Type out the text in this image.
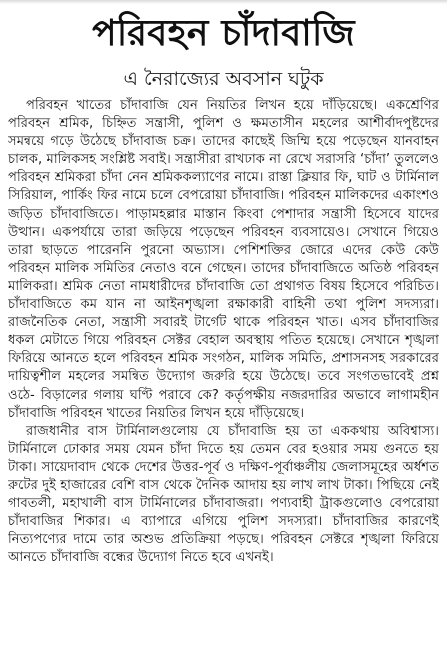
পরিবহন চাঁদাবাজি
এ নৈরাজ্যের অবসান ঘটুক

পরিবহন খাতের চাঁদাবাজি যেন নিয়তির লিখন হয়ে দাঁড়িয়েছে। একশ্রেণির পরিবহন শ্রমিক, চিহ্নিত সন্ত্রাসী, পুলিশ ও ক্ষমতাসীন মহলের আশীর্বাদপুষ্টদের সমন্বয়ে গড়ে উঠেছে চাঁদাবাজ চক্র। তাদের কাছেই জিম্মি হয়ে পড়েছেন যানবাহন চালক, মালিকসহ সংশ্লিষ্ট সবাই। সন্ত্রাসীরা রাখঢাক না রেখে সরাসরি ‘চাঁদা’ তুললেও পরিবহন শ্রমিকরা চাঁদা নেন শ্রমিককল্যাণের নামে। রাস্তা ক্লিয়ার ফি, ঘাট ও টার্মিনাল সিরিয়াল, পার্কিং ফির নামে চলে বেপরোয়া চাঁদাবাজি। পরিবহন মালিকদের একাংশও জড়িত চাঁদাবাজিতে। পাড়ামহল্লার মাস্তান কিংবা পেশাদার সন্ত্রাসী হিসেবে যাদের উত্থান। একপর্যায়ে তারা জড়িয়ে পড়েছেন পরিবহন ব্যবসায়েও। সেখানে গিয়েও তারা ছাড়তে পারেননি পুরনো অভ্যাস। পেশিশক্তির জোরে এদের কেউ কেউ পরিবহন মালিক সমিতির নেতাও বনে গেছেন। তাদের চাঁদাবাজিতে অতিষ্ঠ পরিবহন মালিকরা। শ্রমিক নেতা নামধারীদের চাঁদাবাজি তো প্রথাগত বিষয় হিসেবে পরিচিত। চাঁদাবাজিতে কম যান না আইনশৃঙ্খলা রক্ষাকারী বাহিনী তথা পুলিশ সদস্যরা। রাজনৈতিক নেতা, সন্ত্রাসী সবারই টার্গেট থাকে পরিবহন খাত। এসব চাঁদাবাজির ধকল মেটাতে গিয়ে পরিবহন সেক্টর বেহাল অবস্থায় পতিত হয়েছে। সেখানে শৃঙ্খলা ফিরিয়ে আনতে হলে পরিবহন শ্রমিক সংগঠন, মালিক সমিতি, প্রশাসনসহ সরকারের দায়িত্বশীল মহলের সমন্বিত উদ্যোগ জরুরি হয়ে উঠেছে। তবে সংগতভাবেই প্রশ্ন ওঠে- বিড়ালের গলায় ঘণ্টি পরাবে কে? কর্তৃপক্ষীয় নজরদারির অভাবে লাগামহীন চাঁদাবাজি পরিবহন খাতের নিয়তির লিখন হয়ে দাঁড়িয়েছে।

রাজধানীর বাস টার্মিনালগুলোয় যে চাঁদাবাজি হয় তা এককথায় অবিশ্বাস্য। টার্মিনালে ঢোকার সময় যেমন চাঁদা দিতে হয় তেমন বের হওয়ার সময় গুনতে হয় টাকা। সায়েদাবাদ থেকে দেশের উত্তর-পূর্ব ও দক্ষিণ-পূর্বাঞ্চলীয় জেলাসমূহের অর্ধশত রুটের দুই হাজারের বেশি বাস থেকে দৈনিক আদায় হয় লাখ লাখ টাকা। পিছিয়ে নেই গাবতলী, মহাখালী বাস টার্মিনালের চাঁদাবাজরা। পণ্যবাহী ট্রাকগুলোও বেপরোয়া চাঁদাবাজির শিকার। এ ব্যাপারে এগিয়ে পুলিশ সদস্যরা। চাঁদাবাজির কারণেই নিত্যপণ্যের দামে তার অশুভ প্রতিক্রিয়া পড়ছে। পরিবহন সেক্টরে শৃঙ্খলা ফিরিয়ে আনতে চাঁদাবাজি বন্ধের উদ্যোগ নিতে হবে এখনই।
